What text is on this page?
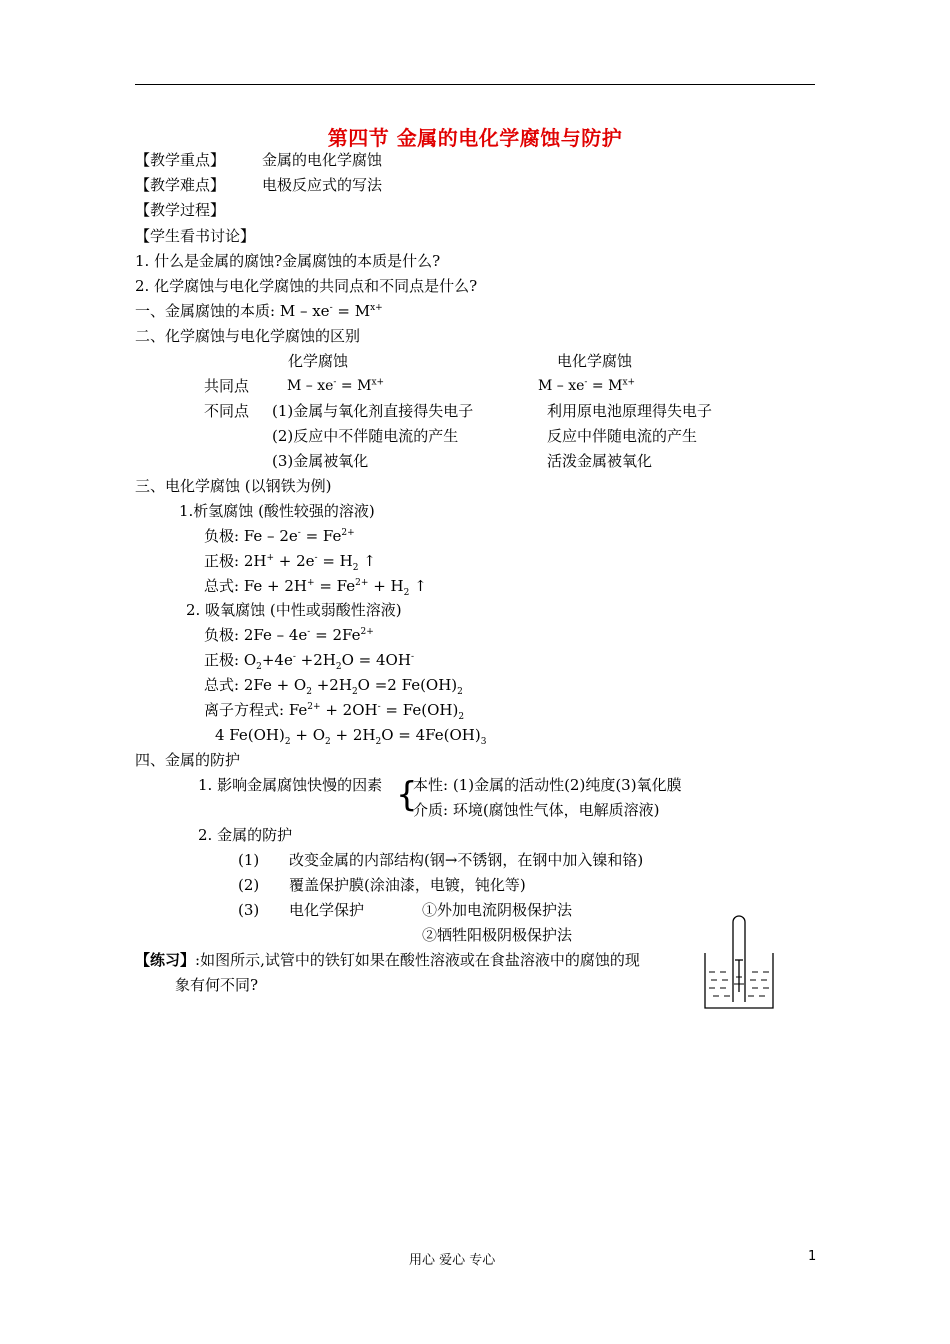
第四节 金属的电化学腐蚀与防护
【教学重点】 金属的电化学腐蚀
【教学难点】 电极反应式的写法
【教学过程】
【学生看书讨论】
1. 什么是金属的腐蚀?金属腐蚀的本质是什么?
2. 化学腐蚀与电化学腐蚀的共同点和不同点是什么?
一、金属腐蚀的本质: $M - xe^- = M^{x+}$
二、化学腐蚀与电化学腐蚀的区别
化学腐蚀	电化学腐蚀
共同点	$M - xe^- = M^{x+}$	$M - xe^- = M^{x+}$
不同点 (1)金属与氧化剂直接得失电子	利用原电池原理得失电子
(2)反应中不伴随电流的产生	反应中伴随电流的产生
(3)金属被氧化	活泼金属被氧化
三、电化学腐蚀 (以钢铁为例)
1.析氢腐蚀 (酸性较强的溶液)
负极: $Fe - 2e^- = Fe^{2+}$
正极: $2H^+ + 2e^- = H_2$ ↑
总式: $Fe + 2H^+ = Fe^{2+} + H_2$ ↑
2. 吸氧腐蚀 (中性或弱酸性溶液)
负极: $2Fe - 4e^- = 2Fe^{2+}$
正极: $O_2+4e^- +2H_2O = 4OH^-$
总式: $2Fe + O_2 +2H_2O =2$ $Fe(OH)_2$
离子方程式: $Fe^{2+} + 2OH^- = Fe(OH)_2$
4 $Fe(OH)_2 + O_2 + 2H_2O = 4Fe(OH)_3$
四、金属的防护
1. 影响金属腐蚀快慢的因素 {
本性: (1)金属的活动性(2)纯度(3)氧化膜
介质: 环境(腐蚀性气体，电解质溶液)
2. 金属的防护
(1) 改变金属的内部结构(钢→不锈钢，在钢中加入镍和铬)
(2) 覆盖保护膜(涂油漆，电镀，钝化等)
(3) 电化学保护	①外加电流阴极保护法
②牺牲阳极阴极保护法
【练习】:如图所示,试管中的铁钉如果在酸性溶液或在食盐溶液中的腐蚀的现
象有何不同?
用心 爱心 专心	1
